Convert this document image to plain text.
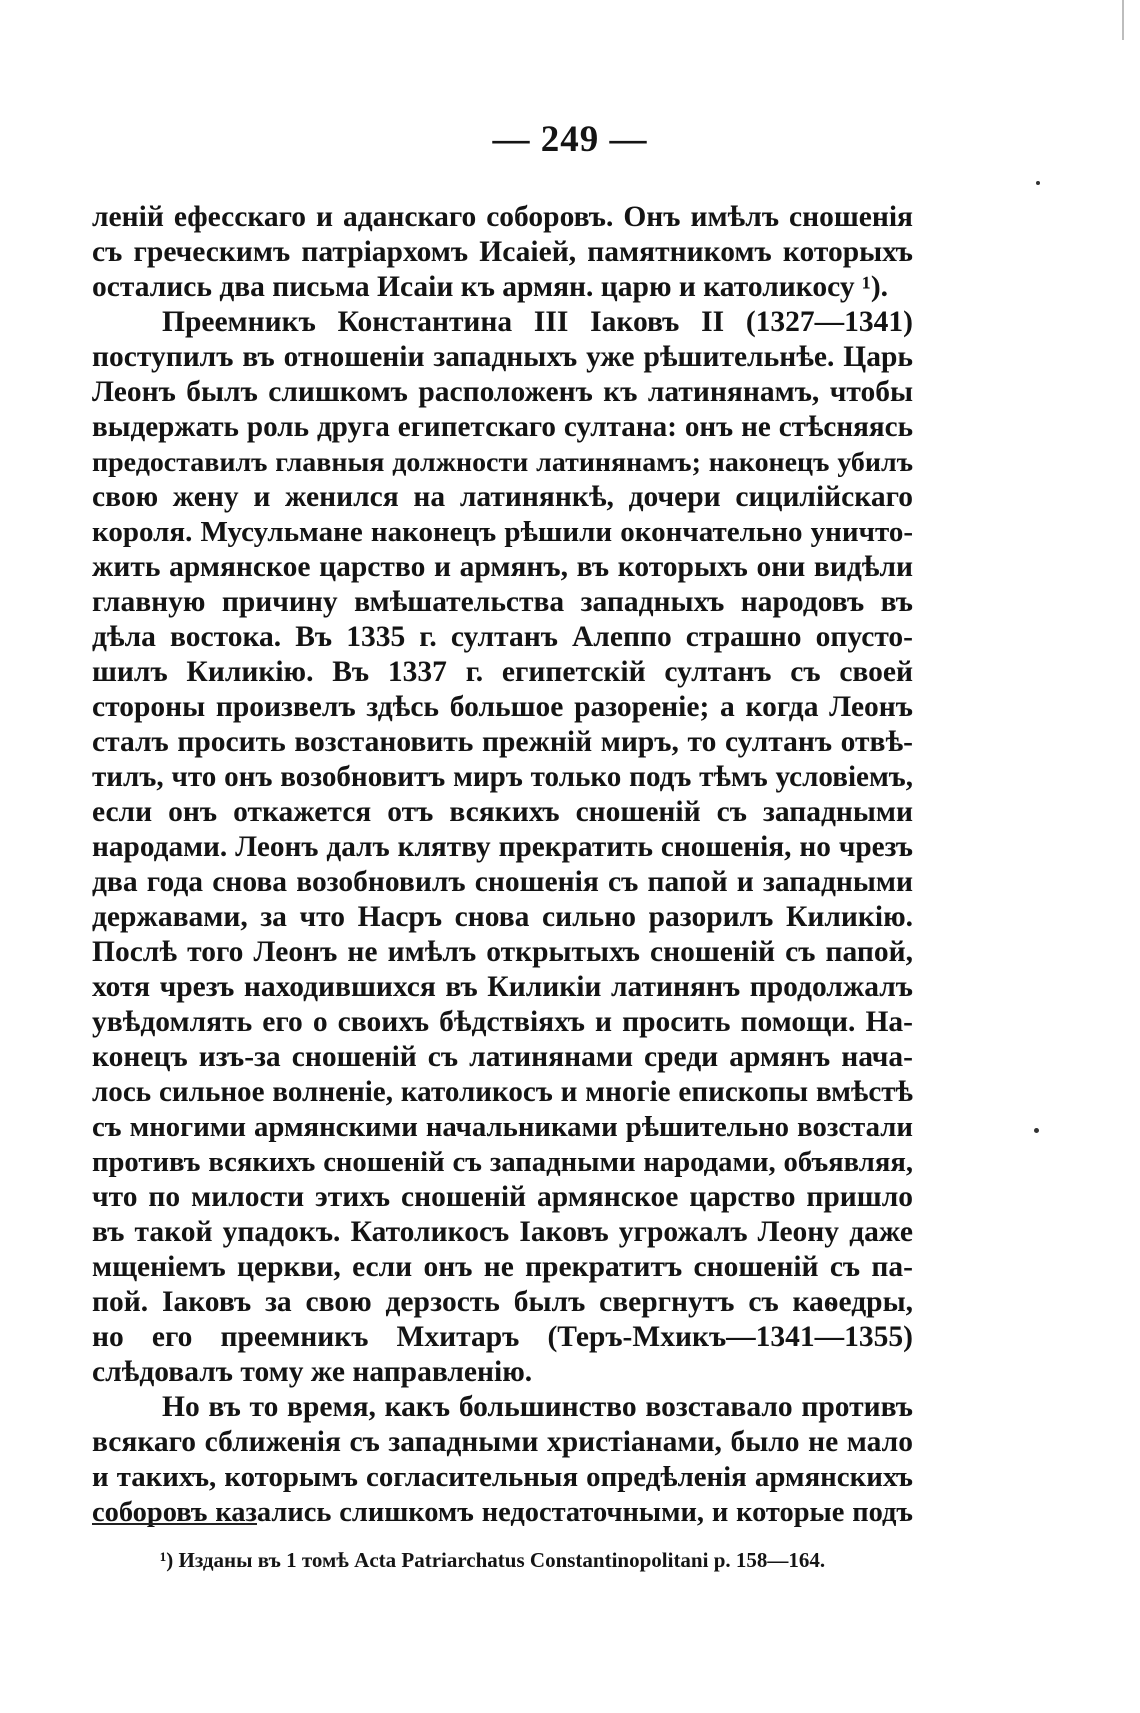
— 249 —
леній ефесскаго и аданскаго соборовъ. Онъ имѣлъ сношенія
съ греческимъ патріархомъ Исаіей, памятникомъ которыхъ
остались два письма Исаіи къ армян. царю и католикосу ¹).
Преемникъ Константина III Іаковъ II (1327—1341)
поступилъ въ отношеніи западныхъ уже рѣшительнѣе. Царь
Леонъ былъ слишкомъ расположенъ къ латинянамъ, чтобы
выдержать роль друга египетскаго султана: онъ не стѣсняясь
предоставилъ главныя должности латинянамъ; наконецъ убилъ
свою жену и женился на латинянкѣ, дочери сицилійскаго
короля. Мусульмане наконецъ рѣшили окончательно уничто-
жить армянское царство и армянъ, въ которыхъ они видѣли
главную причину вмѣшательства западныхъ народовъ въ
дѣла востока. Въ 1335 г. султанъ Алеппо страшно опусто-
шилъ Киликію. Въ 1337 г. египетскій султанъ съ своей
стороны произвелъ здѣсь большое разореніе; а когда Леонъ
сталъ просить возстановить прежній миръ, то султанъ отвѣ-
тилъ, что онъ возобновитъ миръ только подъ тѣмъ условіемъ,
если онъ откажется отъ всякихъ сношеній съ западными
народами. Леонъ далъ клятву прекратить сношенія, но чрезъ
два года снова возобновилъ сношенія съ папой и западными
державами, за что Насръ снова сильно разорилъ Киликію.
Послѣ того Леонъ не имѣлъ открытыхъ сношеній съ папой,
хотя чрезъ находившихся въ Киликіи латинянъ продолжалъ
увѣдомлять его о своихъ бѣдствіяхъ и просить помощи. На-
конецъ изъ-за сношеній съ латинянами среди армянъ нача-
лось сильное волненіе, католикосъ и многіе епископы вмѣстѣ
съ многими армянскими начальниками рѣшительно возстали
противъ всякихъ сношеній съ западными народами, объявляя,
что по милости этихъ сношеній армянское царство пришло
въ такой упадокъ. Католикосъ Іаковъ угрожалъ Леону даже
мщеніемъ церкви, если онъ не прекратитъ сношеній съ па-
пой. Іаковъ за свою дерзость былъ свергнутъ съ каѳедры,
но его преемникъ Мхитаръ (Теръ-Мхикъ—1341—1355)
слѣдовалъ тому же направленію.
Но въ то время, какъ большинство возставало противъ
всякаго сближенія съ западными христіанами, было не мало
и такихъ, которымъ согласительныя опредѣленія армянскихъ
соборовъ казались слишкомъ недостаточными, и которые подъ
¹) Изданы въ 1 томѣ Acta Patriarchatus Constantinopolitani p. 158—164.
